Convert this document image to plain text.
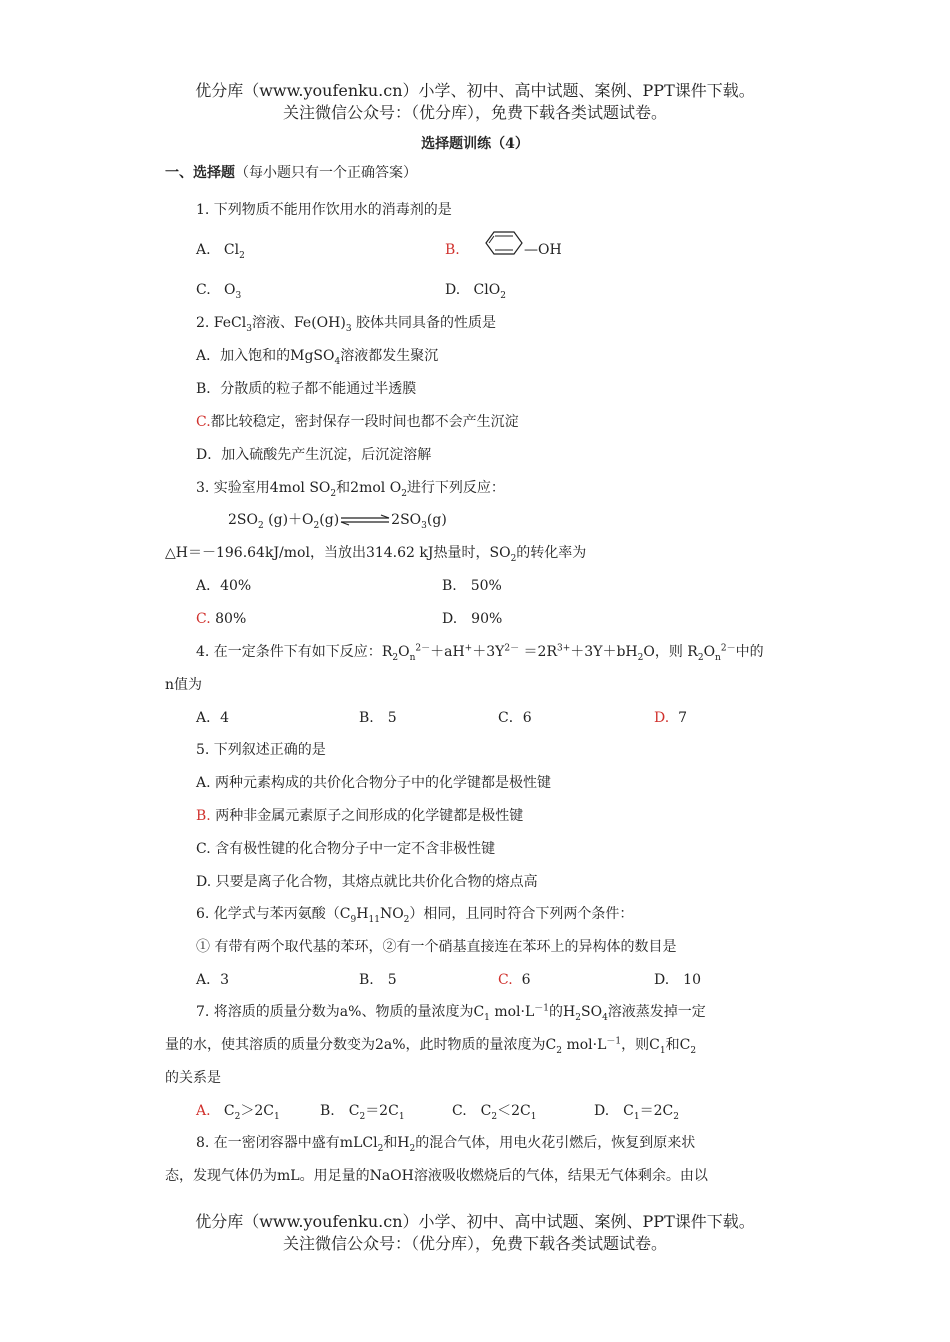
优分库（www.youfenku.cn）小学、初中、高中试题、案例、PPT课件下载。
关注微信公众号：（优分库），免费下载各类试题试卷。
选择题训练（4）
一、选择题（每小题只有一个正确答案）
1. 下列物质不能用作饮用水的消毒剂的是
A. $Cl_2$	B.	—OH
C. $O_3$	D. ClO$_2$
2. FeCl$_3$溶液、$Fe(OH)_3$ 胶体共同具备的性质是
A．加入饱和的MgSO$_4$溶液都发生聚沉
B．分散质的粒子都不能通过半透膜
C.都比较稳定，密封保存一段时间也都不会产生沉淀
D．加入硫酸先产生沉淀，后沉淀溶解
3. 实验室用4mol $SO_2$和2mol $O_2$进行下列反应：
$2SO_2$ $(g)+O_2(g)\rightleftharpoons 2SO_3(g)$
△H＝－196.64kJ/mol，当放出314.62 kJ热量时，$SO_2$的转化率为
A．40%	B.　50%
C. 80%	D.　90%
4. 在一定条件下有如下反应：$R_2O_n^{2-}+aH^++3Y^{2-} =2R^{3+}+3Y+bH_2O$，则 $R_2O_n^{2-}$中的
n值为
A．4	B.　5	C．6	D. 7
5. 下列叙述正确的是
A. 两种元素构成的共价化合物分子中的化学键都是极性键
B. 两种非金属元素原子之间形成的化学键都是极性键
C. 含有极性键的化合物分子中一定不含非极性键
D. 只要是离子化合物，其熔点就比共价化合物的熔点高
6. 化学式与苯丙氨酸$(C_9H_{11}NO_2)$相同，且同时符合下列两个条件：
① 有带有两个取代基的苯环，②有一个硝基直接连在苯环上的异构体的数目是
A．3	B.　5	C. 6	D.　10
7. 将溶质的质量分数为a%、物质的量浓度为$C_1$ $mol\cdot L^{-1}$的$H_2SO_4$溶液蒸发掉一定
量的水，使其溶质的质量分数变为2a%，此时物质的量浓度为$C_2$ $mol\cdot L^{-1}$，则$C_1$和$C_2$
的关系是
A. $C_2>2C_1$	B.　$C_2=2C_1$	C.　$C_2<2C_1$	D.　$C_1=2C_2$
8. 在一密闭容器中盛有mLCl$_2$和$H_2$的混合气体，用电火花引燃后，恢复到原来状
态，发现气体仍为mL。用足量的NaOH溶液吸收燃烧后的气体，结果无气体剩余。由以
优分库（www.youfenku.cn）小学、初中、高中试题、案例、PPT课件下载。
关注微信公众号：（优分库），免费下载各类试题试卷。
